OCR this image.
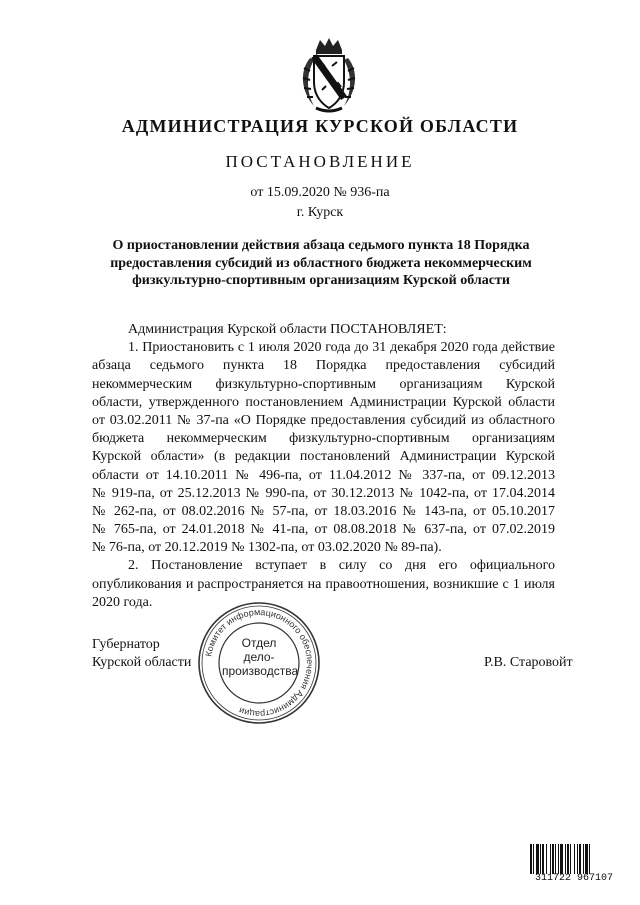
АДМИНИСТРАЦИЯ КУРСКОЙ ОБЛАСТИ
ПОСТАНОВЛЕНИЕ
от 15.09.2020 № 936-па
г. Курск
О приостановлении действия абзаца седьмого пункта 18 Порядка
предоставления субсидий из областного бюджета некоммерческим
физкультурно-спортивным организациям Курской области
Администрация Курской области ПОСТАНОВЛЯЕТ:
1. Приостановить с 1 июля 2020 года до 31 декабря 2020 года действие
абзаца седьмого пункта 18 Порядка предоставления субсидий
некоммерческим физкультурно-спортивным организациям Курской
области, утвержденного постановлением Администрации Курской области
от 03.02.2011 № 37-па «О Порядке предоставления субсидий из областного
бюджета некоммерческим физкультурно-спортивным организациям
Курской области» (в редакции постановлений Администрации Курской
области от 14.10.2011 № 496-па, от 11.04.2012 № 337-па, от 09.12.2013
№ 919-па, от 25.12.2013 № 990-па, от 30.12.2013 № 1042-па, от 17.04.2014
№ 262-па, от 08.02.2016 № 57-па, от 18.03.2016 № 143-па, от 05.10.2017
№ 765-па, от 24.01.2018 № 41-па, от 08.08.2018 № 637-па, от 07.02.2019
№ 76-па, от 20.12.2019 № 1302-па, от 03.02.2020 № 89-па).
2. Постановление вступает в силу со дня его официального
опубликования и распространяется на правоотношения, возникшие с 1 июля
2020 года.
Губернатор
Курской области	Р.В. Старовойт
Комитет информационного обеспечения Администрации
Отдел
дело-
производства
311722 967107
